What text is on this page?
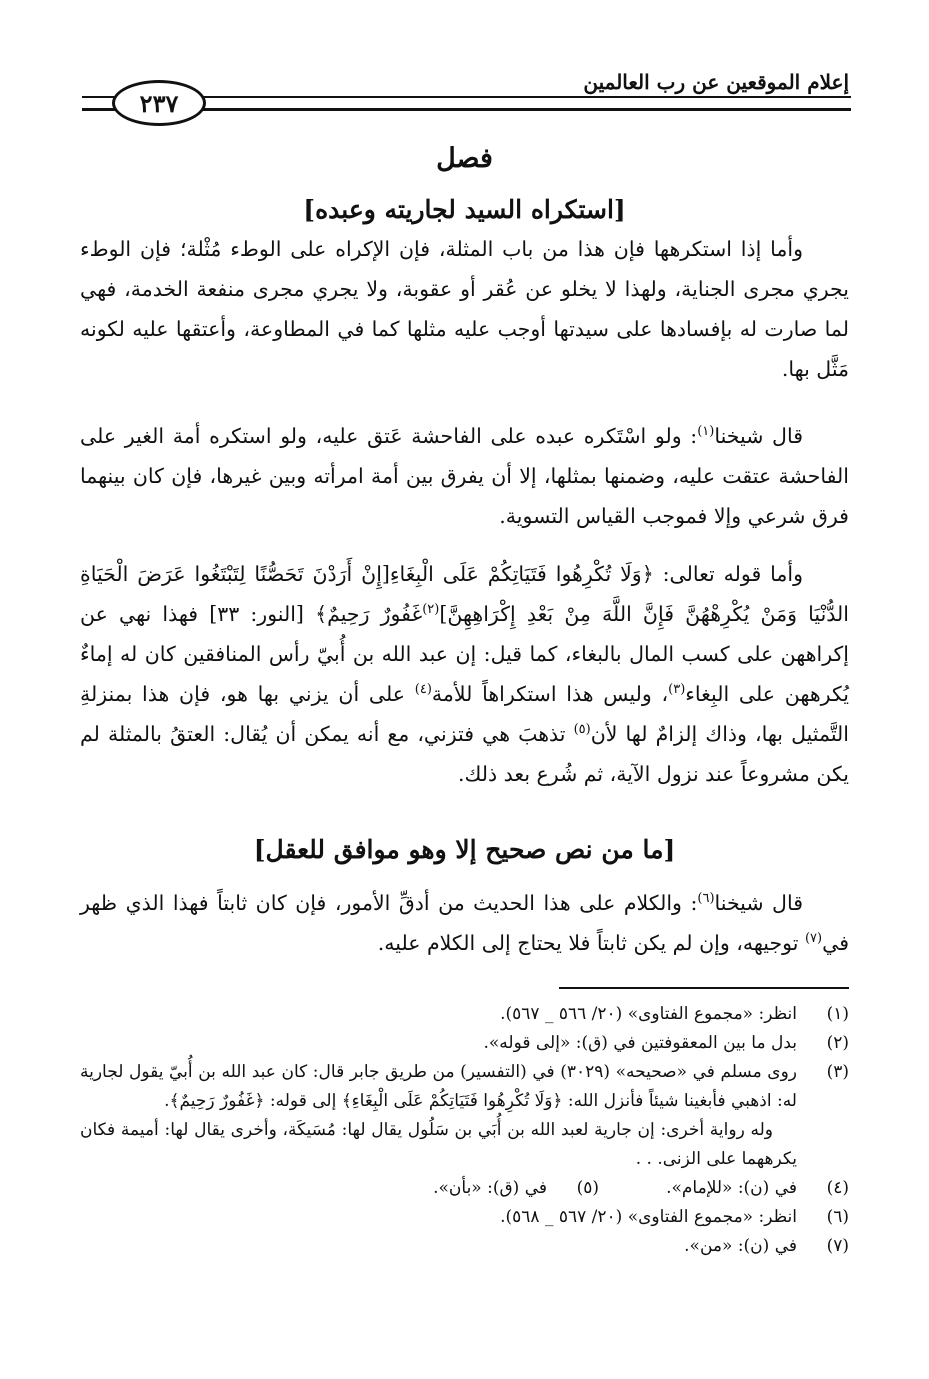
إعلام الموقعين عن رب العالمين
٢٣٧
فصل
[استكراه السيد لجاريته وعبده]

وأما إذا استكرهها فإن هذا من باب المثلة، فإن الإكراه على الوطء مُثْلة؛ فإن الوطء يجري مجرى الجناية، ولهذا لا يخلو عن عُقر أو عقوبة، ولا يجري مجرى منفعة الخدمة، فهي لما صارت له بإفسادها على سيدتها أوجب عليه مثلها كما في المطاوعة، وأعتقها عليه لكونه مَثَّل بها.

قال شيخنا$^{(١)}$: ولو اسْتَكره عبده على الفاحشة عَتق عليه، ولو استكره أمة الغير على الفاحشة عتقت عليه، وضمنها بمثلها، إلا أن يفرق بين أمة امرأته وبين غيرها، فإن كان بينهما فرق شرعي وإلا فموجب القياس التسوية.

وأما قوله تعالى: ﴿وَلَا تُكْرِهُوا فَتَيَاتِكُمْ عَلَى الْبِغَاءِ[إِنْ أَرَدْنَ تَحَصُّنًا لِتَبْتَغُوا عَرَضَ الْحَيَاةِ الدُّنْيَا وَمَنْ يُكْرِهْهُنَّ فَإِنَّ اللَّهَ مِنْ بَعْدِ إِكْرَاهِهِنَّ]$^{(٢)}$غَفُورٌ رَحِيمٌ﴾ [النور: ٣٣] فهذا نهي عن إكراههن على كسب المال بالبغاء، كما قيل: إن عبد الله بن أُبيّ رأس المنافقين كان له إماءٌ يُكرههن على البِغاء$^{(٣)}$، وليس هذا استكراهاً للأمة$^{(٤)}$ على أن يزني بها هو، فإن هذا بمنزلةِ التَّمثيل بها، وذاك إلزامٌ لها لأن$^{(٥)}$ تذهبَ هي فتزني، مع أنه يمكن أن يُقال: العتقُ بالمثلة لم يكن مشروعاً عند نزول الآية، ثم شُرع بعد ذلك.

[ما من نص صحيح إلا وهو موافق للعقل]

قال شيخنا$^{(٦)}$: والكلام على هذا الحديث من أدقِّ الأمور، فإن كان ثابتاً فهذا الذي ظهر في$^{(٧)}$ توجيهه، وإن لم يكن ثابتاً فلا يحتاج إلى الكلام عليه.

(١)
انظر: «مجموع الفتاوى» (٢٠/ ٥٦٦ _ ٥٦٧).
(٢)
بدل ما بين المعقوفتين في (ق): «إلى قوله».
(٣)
روى مسلم في «صحيحه» (٣٠٢٩) في (التفسير) من طريق جابر قال: كان عبد الله بن أُبيّ يقول لجارية له: اذهبي فأبغينا شيئاً فأنزل الله: ﴿وَلَا تُكْرِهُوا فَتَيَاتِكُمْ عَلَى الْبِغَاءِ﴾ إلى قوله: ﴿غَفُورٌ رَحِيمٌ﴾.
وله رواية أخرى: إن جارية لعبد الله بن أُبَي بن سَلُول يقال لها: مُسَيكَة، وأخرى يقال لها: أميمة فكان يكرههما على الزنى. . .
(٤)
في (ن): «للإمام».
(٥)
في (ق): «بأن».
(٦)
انظر: «مجموع الفتاوى» (٢٠/ ٥٦٧ _ ٥٦٨).
(٧)
في (ن): «من».
